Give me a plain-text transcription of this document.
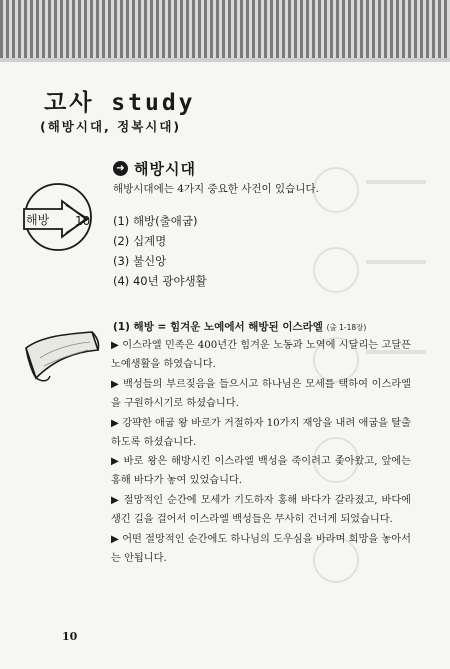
고사 study
(해방시대, 정복시대)
해방 10
➜ 해방시대
해방시대에는 4가지 중요한 사건이 있습니다.
(1) 해방(출애굽)
(2) 십계명
(3) 불신앙
(4) 40년 광야생활
(1) 해방 = 힘겨운 노예에서 해방된 이스라엘 (출 1-18장)

▶ 이스라엘 민족은 400년간 힘겨운 노동과 노역에 시달리는 고달픈 노예생활을 하였습니다.

▶ 백성들의 부르짖음을 들으시고 하나님은 모세를 택하여 이스라엘을 구원하시기로 하셨습니다.

▶ 강퍅한 애굽 왕 바로가 거절하자 10가지 재앙을 내려 애굽을 탈출하도록 하셨습니다.

▶ 바로 왕은 해방시킨 이스라엘 백성을 죽이려고 좇아왔고, 앞에는 홍해 바다가 놓여 있었습니다.

▶ 절망적인 순간에 모세가 기도하자 홍해 바다가 갈라졌고, 바다에 생긴 길을 걸어서 이스라엘 백성들은 무사히 건너게 되었습니다.

▶ 어떤 절망적인 순간에도 하나님의 도우심을 바라며 희망을 놓아서는 안됩니다.

10
